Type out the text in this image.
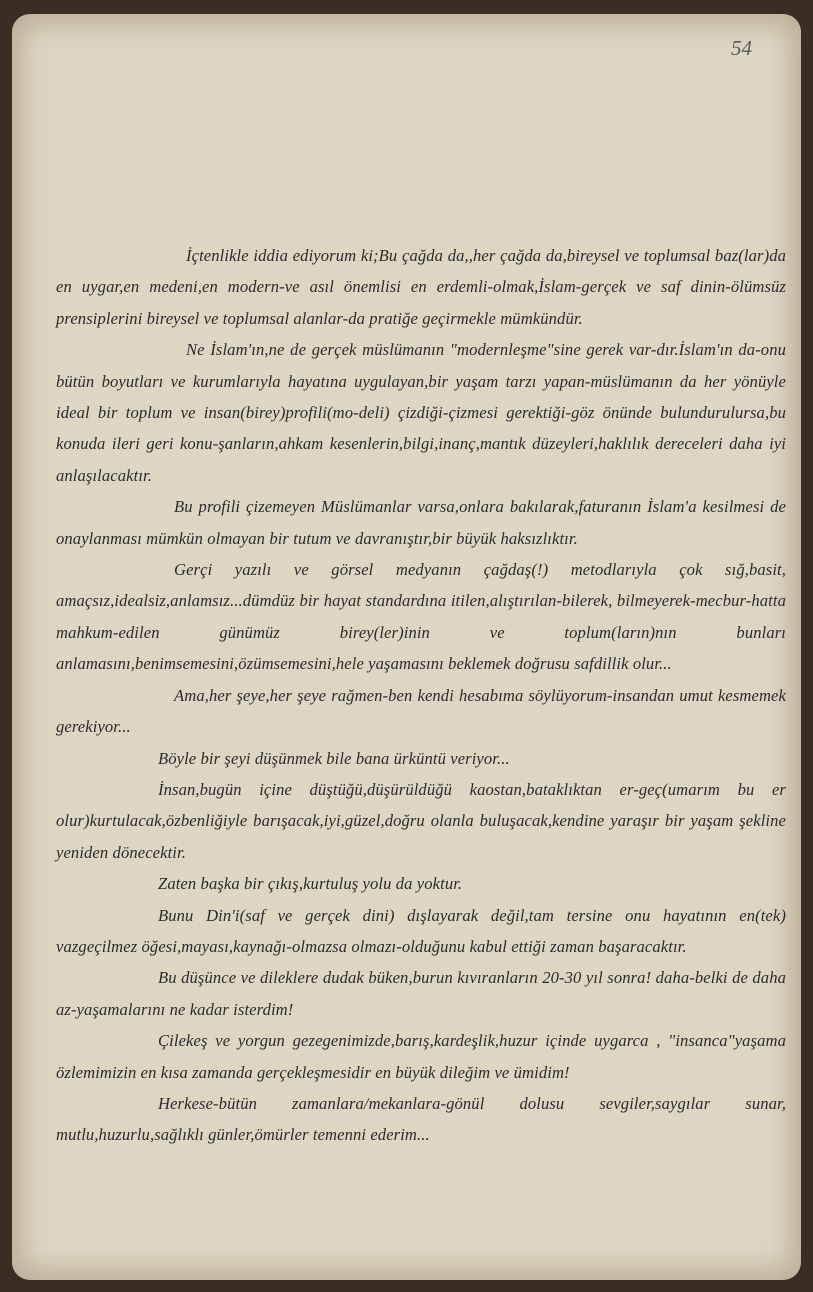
54

İçtenlikle iddia ediyorum ki;Bu çağda da,,her çağda da,bireysel ve toplumsal baz(lar)da en uygar,en medeni,en modern-ve asıl önemlisi en erdemli-olmak,İslam-gerçek ve saf dinin-ölümsüz prensiplerini bireysel ve toplumsal alanlar-da pratiğe geçirmekle mümkündür.

Ne İslam'ın,ne de gerçek müslümanın "modernleşme"sine gerek var-dır.İslam'ın da-onu bütün boyutları ve kurumlarıyla hayatına uygulayan,bir yaşam tarzı yapan-müslümanın da her yönüyle ideal bir toplum ve insan(birey)profili(mo-deli) çizdiği-çizmesi gerektiği-göz önünde bulundurulursa,bu konuda ileri geri konu-şanların,ahkam kesenlerin,bilgi,inanç,mantık düzeyleri,haklılık dereceleri daha iyi anlaşılacaktır.

Bu profili çizemeyen Müslümanlar varsa,onlara bakılarak,faturanın İslam'a kesilmesi de onaylanması mümkün olmayan bir tutum ve davranıştır,bir büyük haksızlıktır.

Gerçi yazılı ve görsel medyanın çağdaş(!) metodlarıyla çok sığ,basit, amaçsız,idealsiz,anlamsız...dümdüz bir hayat standardına itilen,alıştırılan-bilerek, bilmeyerek-mecbur-hatta mahkum-edilen günümüz birey(ler)inin ve toplum(ların)nın bunları anlamasını,benimsemesini,özümsemesini,hele yaşamasını beklemek doğrusu safdillik olur...

Ama,her şeye,her şeye rağmen-ben kendi hesabıma söylüyorum-insandan umut kesmemek gerekiyor...

Böyle bir şeyi düşünmek bile bana ürküntü veriyor...

İnsan,bugün içine düştüğü,düşürüldüğü kaostan,bataklıktan er-geç(umarım bu er olur)kurtulacak,özbenliğiyle barışacak,iyi,güzel,doğru olanla buluşacak,kendine yaraşır bir yaşam şekline yeniden dönecektir.

Zaten başka bir çıkış,kurtuluş yolu da yoktur.

Bunu Din'i(saf ve gerçek dini) dışlayarak değil,tam tersine onu hayatının en(tek) vazgeçilmez öğesi,mayası,kaynağı-olmazsa olmazı-olduğunu kabul ettiği zaman başaracaktır.

Bu düşünce ve dileklere dudak büken,burun kıvıranların 20-30 yıl sonra! daha-belki de daha az-yaşamalarını ne kadar isterdim!

Çilekeş ve yorgun gezegenimizde,barış,kardeşlik,huzur içinde uygarca , "insanca"yaşama özlemimizin en kısa zamanda gerçekleşmesidir en büyük dileğim ve ümidim!

Herkese-bütün zamanlara/mekanlara-gönül dolusu sevgiler,saygılar sunar, mutlu,huzurlu,sağlıklı günler,ömürler temenni ederim...
